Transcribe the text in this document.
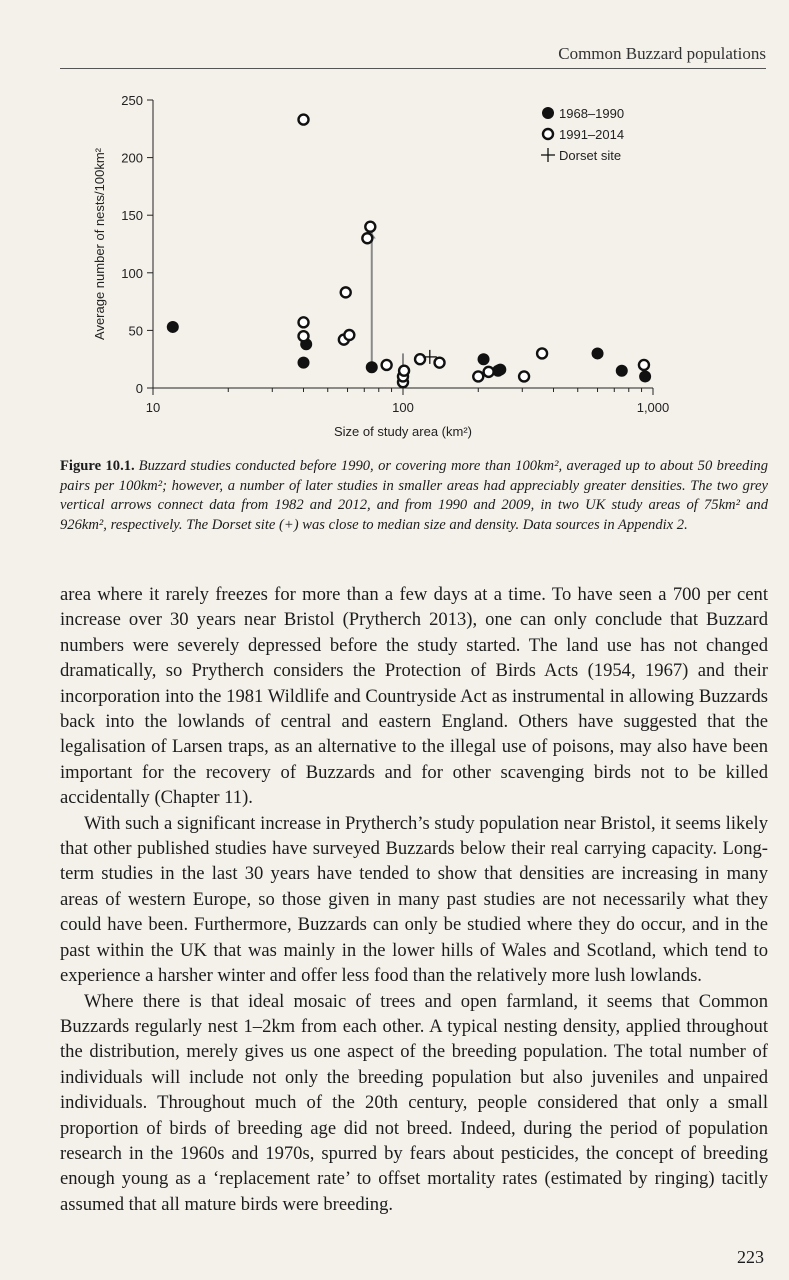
Common Buzzard populations
0
50
100
150
200
250
10	100	1,000
Size of study area (km²)
Average number of nests/100km²
1968–1990
1991–2014
Dorset site
Figure 10.1. Buzzard studies conducted before 1990, or covering more than 100km², averaged up to about 50 breeding pairs per 100km²; however, a number of later studies in smaller areas had appreciably greater densities. The two grey vertical arrows connect data from 1982 and 2012, and from 1990 and 2009, in two UK study areas of 75km² and 926km², respectively. The Dorset site (+) was close to median size and density. Data sources in Appendix 2.

area where it rarely freezes for more than a few days at a time. To have seen a 700 per cent increase over 30 years near Bristol (Prytherch 2013), one can only conclude that Buzzard numbers were severely depressed before the study started. The land use has not changed dramatically, so Prytherch considers the Protection of Birds Acts (1954, 1967) and their incorporation into the 1981 Wildlife and Countryside Act as instrumental in allowing Buzzards back into the lowlands of central and eastern England. Others have suggested that the legalisation of Larsen traps, as an alternative to the illegal use of poisons, may also have been important for the recovery of Buzzards and for other scavenging birds not to be killed accidentally (Chapter 11).

With such a significant increase in Prytherch’s study population near Bristol, it seems likely that other published studies have surveyed Buzzards below their real carrying capacity. Long-term studies in the last 30 years have tended to show that densities are increasing in many areas of western Europe, so those given in many past studies are not necessarily what they could have been. Furthermore, Buzzards can only be studied where they do occur, and in the past within the UK that was mainly in the lower hills of Wales and Scotland, which tend to experience a harsher winter and offer less food than the relatively more lush lowlands.

Where there is that ideal mosaic of trees and open farmland, it seems that Common Buzzards regularly nest 1–2km from each other. A typical nesting density, applied throughout the distribution, merely gives us one aspect of the breeding population. The total number of individuals will include not only the breeding population but also juveniles and unpaired individuals. Throughout much of the 20th century, people considered that only a small proportion of birds of breeding age did not breed. Indeed, during the period of population research in the 1960s and 1970s, spurred by fears about pesticides, the concept of breeding enough young as a ‘replacement rate’ to offset mortality rates (estimated by ringing) tacitly assumed that all mature birds were breeding.

223
